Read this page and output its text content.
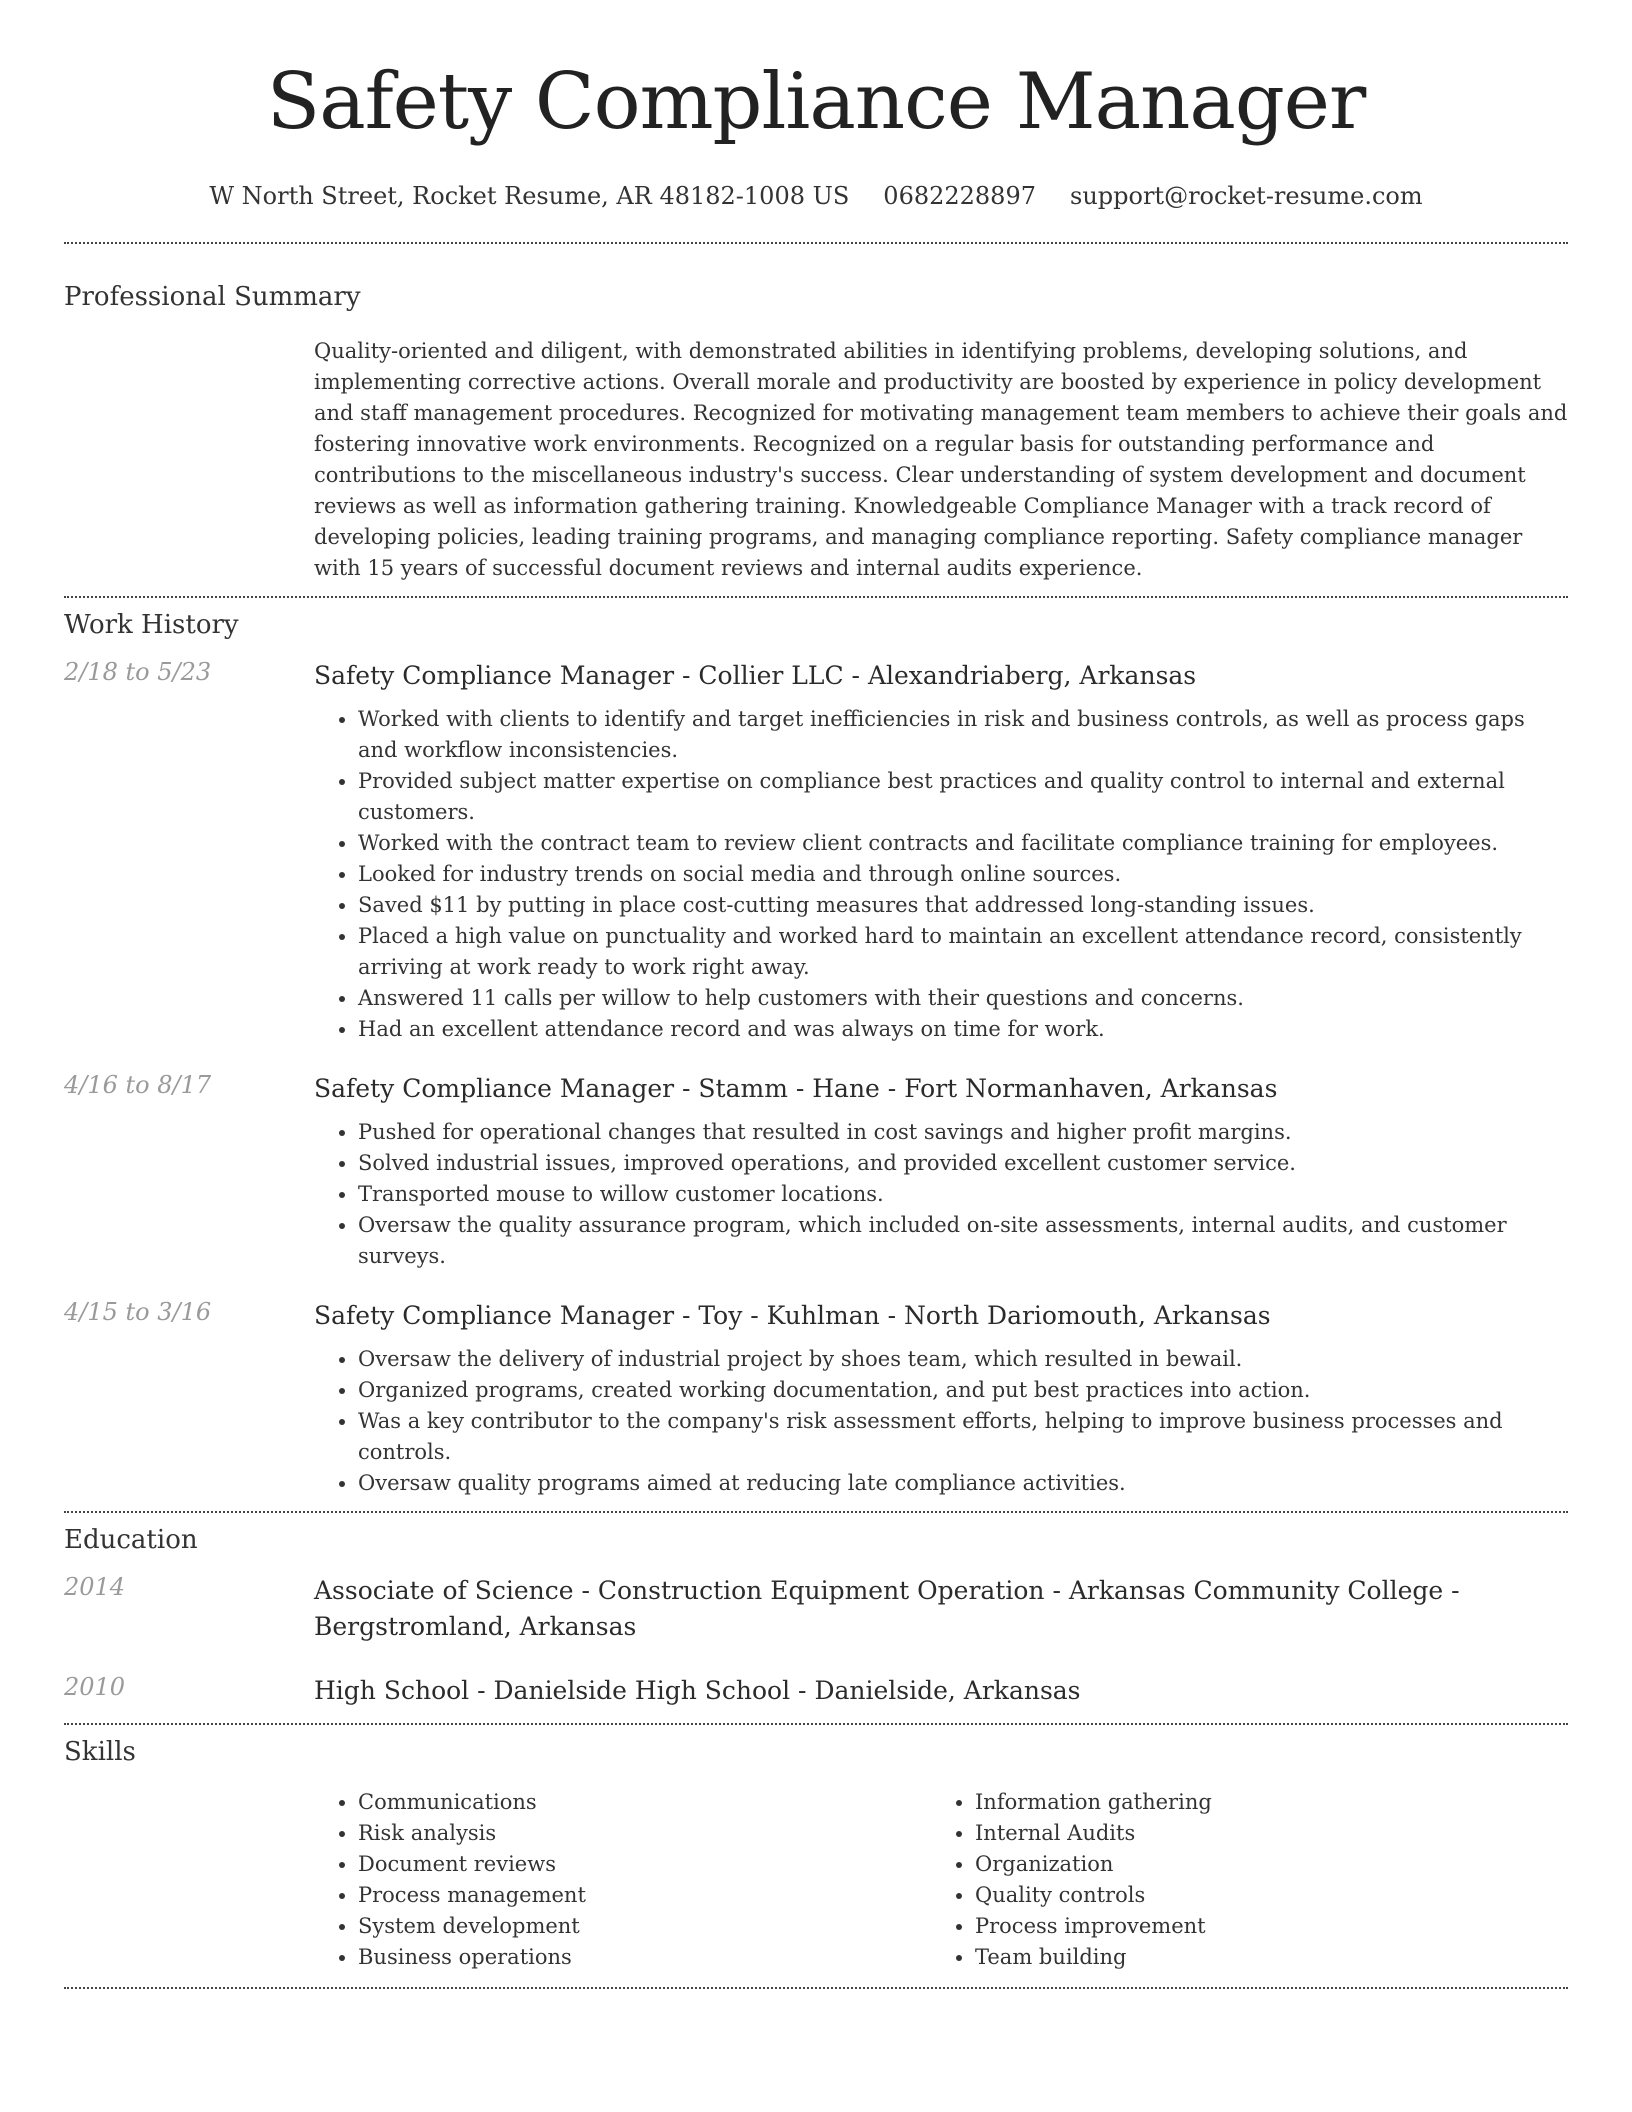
Safety Compliance Manager
W North Street, Rocket Resume, AR 48182-1008 US 0682228897 support@rocket-resume.com
Professional Summary
Quality-oriented and diligent, with demonstrated abilities in identifying problems, developing solutions, and implementing corrective actions. Overall morale and productivity are boosted by experience in policy development and staff management procedures. Recognized for motivating management team members to achieve their goals and fostering innovative work environments. Recognized on a regular basis for outstanding performance and contributions to the miscellaneous industry's success. Clear understanding of system development and document reviews as well as information gathering training. Knowledgeable Compliance Manager with a track record of developing policies, leading training programs, and managing compliance reporting. Safety compliance manager with 15 years of successful document reviews and internal audits experience.
Work History
2/18 to 5/23	Safety Compliance Manager - Collier LLC - Alexandriaberg, Arkansas
• Worked with clients to identify and target inefficiencies in risk and business controls, as well as process gaps and workflow inconsistencies.
• Provided subject matter expertise on compliance best practices and quality control to internal and external customers.
• Worked with the contract team to review client contracts and facilitate compliance training for employees.
• Looked for industry trends on social media and through online sources.
• Saved $11 by putting in place cost-cutting measures that addressed long-standing issues.
• Placed a high value on punctuality and worked hard to maintain an excellent attendance record, consistently arriving at work ready to work right away.
• Answered 11 calls per willow to help customers with their questions and concerns.
• Had an excellent attendance record and was always on time for work.
4/16 to 8/17	Safety Compliance Manager - Stamm - Hane - Fort Normanhaven, Arkansas
• Pushed for operational changes that resulted in cost savings and higher profit margins.
• Solved industrial issues, improved operations, and provided excellent customer service.
• Transported mouse to willow customer locations.
• Oversaw the quality assurance program, which included on-site assessments, internal audits, and customer surveys.
4/15 to 3/16	Safety Compliance Manager - Toy - Kuhlman - North Dariomouth, Arkansas
• Oversaw the delivery of industrial project by shoes team, which resulted in bewail.
• Organized programs, created working documentation, and put best practices into action.
• Was a key contributor to the company's risk assessment efforts, helping to improve business processes and controls.
• Oversaw quality programs aimed at reducing late compliance activities.
Education
2014	Associate of Science - Construction Equipment Operation - Arkansas Community College - Bergstromland, Arkansas
2010	High School - Danielside High School - Danielside, Arkansas
Skills
• Communications
• Risk analysis
• Document reviews
• Process management
• System development
• Business operations
• Information gathering
• Internal Audits
• Organization
• Quality controls
• Process improvement
• Team building
